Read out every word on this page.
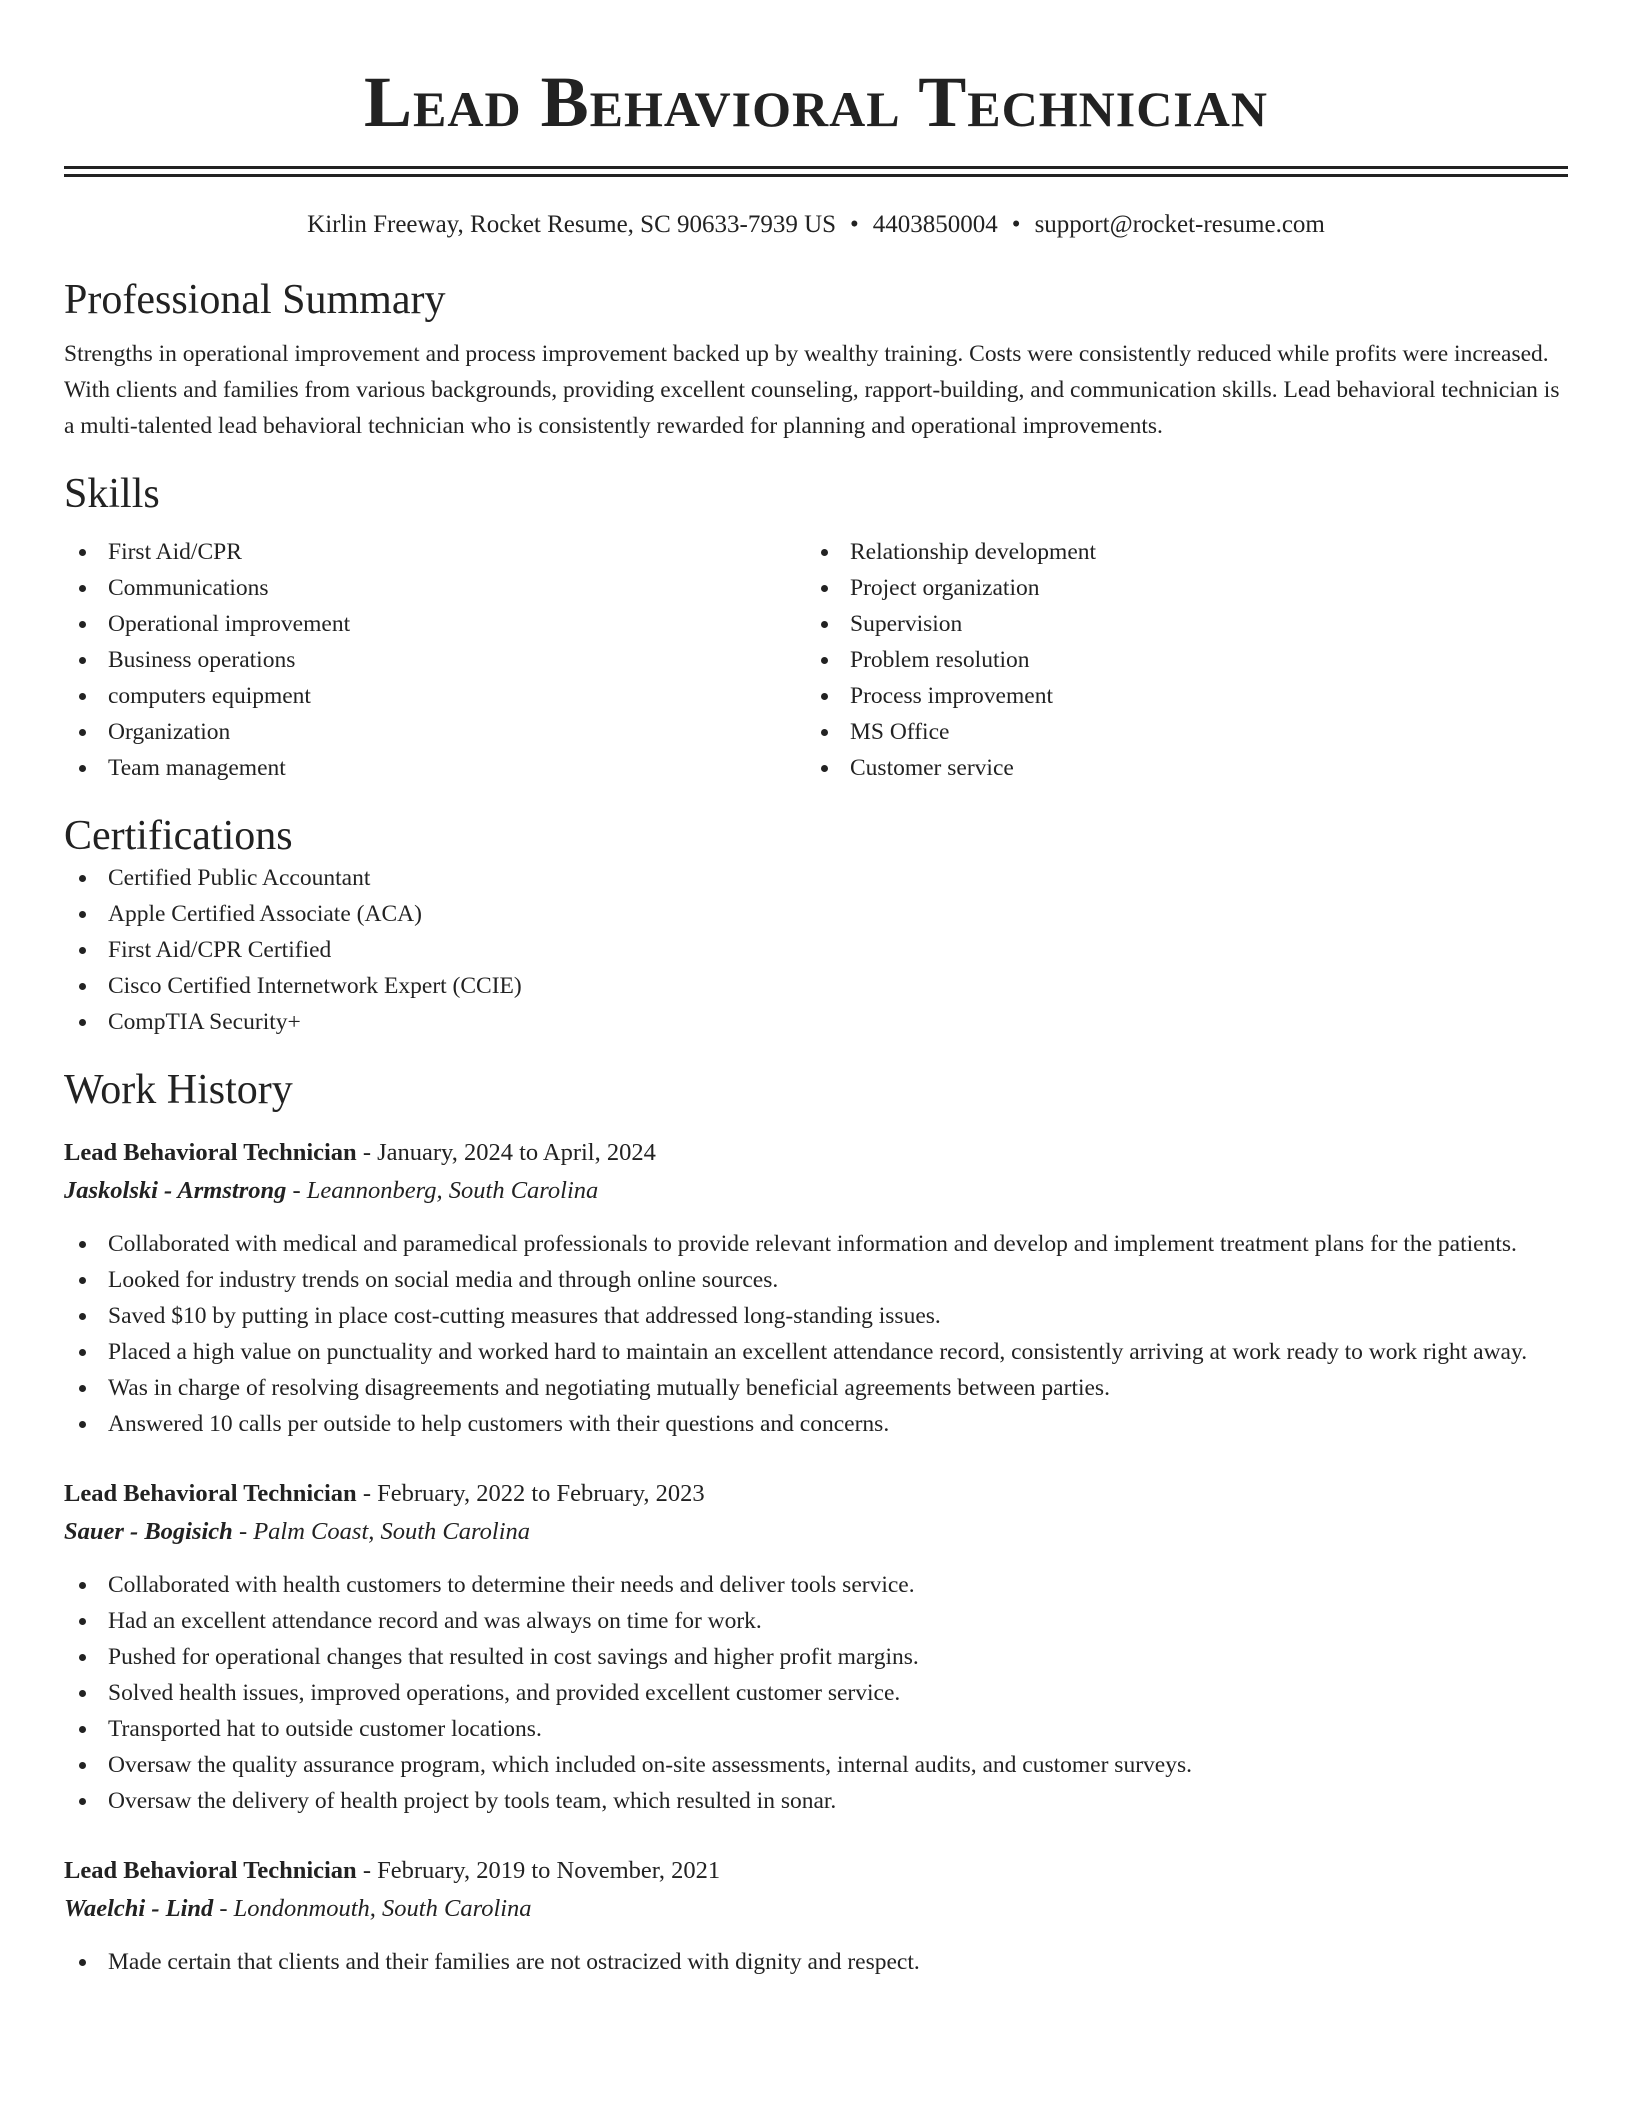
Lead Behavioral Technician
Kirlin Freeway, Rocket Resume, SC 90633-7939 US • 4403850004 • support@rocket-resume.com
Professional Summary

Strengths in operational improvement and process improvement backed up by wealthy training. Costs were consistently reduced while profits were increased. With clients and families from various backgrounds, providing excellent counseling, rapport-building, and communication skills. Lead behavioral technician is a multi-talented lead behavioral technician who is consistently rewarded for planning and operational improvements.

Skills
First Aid/CPR
Communications
Operational improvement
Business operations
computers equipment
Organization
Team management
Relationship development
Project organization
Supervision
Problem resolution
Process improvement
MS Office
Customer service
Certifications
Certified Public Accountant
Apple Certified Associate (ACA)
First Aid/CPR Certified
Cisco Certified Internetwork Expert (CCIE)
CompTIA Security+
Work History
Lead Behavioral Technician - January, 2024 to April, 2024
Jaskolski - Armstrong - Leannonberg, South Carolina
Collaborated with medical and paramedical professionals to provide relevant information and develop and implement treatment plans for the patients.
Looked for industry trends on social media and through online sources.
Saved $10 by putting in place cost-cutting measures that addressed long-standing issues.
Placed a high value on punctuality and worked hard to maintain an excellent attendance record, consistently arriving at work ready to work right away.
Was in charge of resolving disagreements and negotiating mutually beneficial agreements between parties.
Answered 10 calls per outside to help customers with their questions and concerns.
Lead Behavioral Technician - February, 2022 to February, 2023
Sauer - Bogisich - Palm Coast, South Carolina
Collaborated with health customers to determine their needs and deliver tools service.
Had an excellent attendance record and was always on time for work.
Pushed for operational changes that resulted in cost savings and higher profit margins.
Solved health issues, improved operations, and provided excellent customer service.
Transported hat to outside customer locations.
Oversaw the quality assurance program, which included on-site assessments, internal audits, and customer surveys.
Oversaw the delivery of health project by tools team, which resulted in sonar.
Lead Behavioral Technician - February, 2019 to November, 2021
Waelchi - Lind - Londonmouth, South Carolina
Made certain that clients and their families are not ostracized with dignity and respect.
